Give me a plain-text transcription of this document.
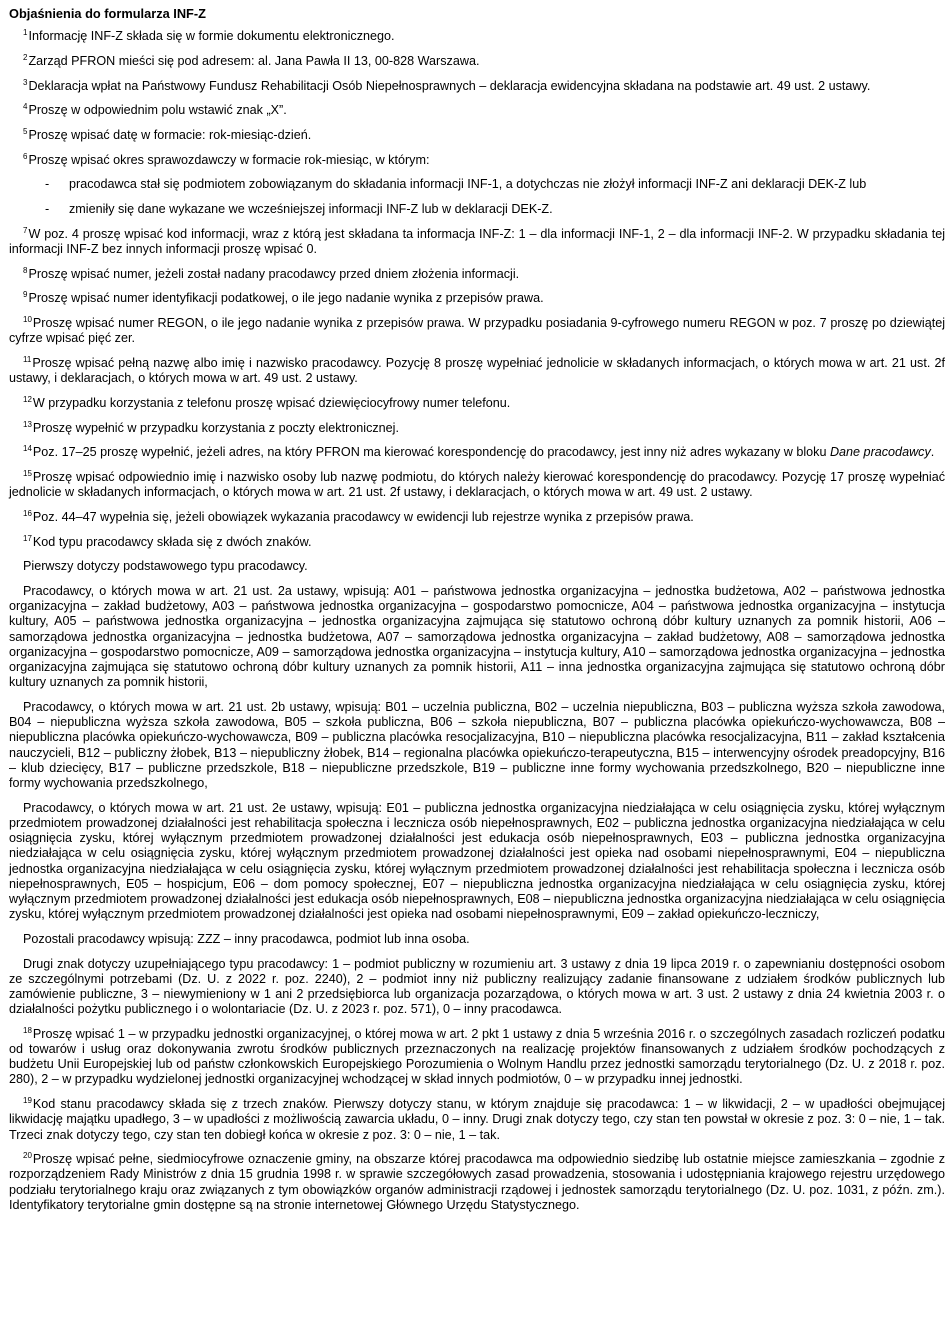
Objaśnienia do formularza INF-Z

$^1$Informację INF-Z składa się w formie dokumentu elektronicznego.

$^2$Zarząd PFRON mieści się pod adresem: al. Jana Pawła II 13, 00-828 Warszawa.

$^3$Deklaracja wpłat na Państwowy Fundusz Rehabilitacji Osób Niepełnosprawnych – deklaracja ewidencyjna składana na podstawie art. 49 ust. 2 ustawy.

$^4$Proszę w odpowiednim polu wstawić znak „X”.

$^5$Proszę wpisać datę w formacie: rok-miesiąc-dzień.

$^6$Proszę wpisać okres sprawozdawczy w formacie rok-miesiąc, w którym:

-	pracodawca stał się podmiotem zobowiązanym do składania informacji INF-1, a dotychczas nie złożył informacji INF-Z ani deklaracji DEK-Z lub
-	zmieniły się dane wykazane we wcześniejszej informacji INF-Z lub w deklaracji DEK-Z.

$^7$W poz. 4 proszę wpisać kod informacji, wraz z którą jest składana ta informacja INF-Z: 1 – dla informacji INF-1, 2 – dla informacji INF-2. W przypadku składania tej informacji INF-Z bez innych informacji proszę wpisać 0.

$^8$Proszę wpisać numer, jeżeli został nadany pracodawcy przed dniem złożenia informacji.

$^9$Proszę wpisać numer identyfikacji podatkowej, o ile jego nadanie wynika z przepisów prawa.

$^{10}$Proszę wpisać numer REGON, o ile jego nadanie wynika z przepisów prawa. W przypadku posiadania 9-cyfrowego numeru REGON w poz. 7 proszę po dziewiątej cyfrze wpisać pięć zer.

$^{11}$Proszę wpisać pełną nazwę albo imię i nazwisko pracodawcy. Pozycję 8 proszę wypełniać jednolicie w składanych informacjach, o których mowa w art. 21 ust. 2f ustawy, i deklaracjach, o których mowa w art. 49 ust. 2 ustawy.

$^{12}$W przypadku korzystania z telefonu proszę wpisać dziewięciocyfrowy numer telefonu.

$^{13}$Proszę wypełnić w przypadku korzystania z poczty elektronicznej.

$^{14}$Poz. 17–25 proszę wypełnić, jeżeli adres, na który PFRON ma kierować korespondencję do pracodawcy, jest inny niż adres wykazany w bloku Dane pracodawcy.

$^{15}$Proszę wpisać odpowiednio imię i nazwisko osoby lub nazwę podmiotu, do których należy kierować korespondencję do pracodawcy. Pozycję 17 proszę wypełniać jednolicie w składanych informacjach, o których mowa w art. 21 ust. 2f ustawy, i deklaracjach, o których mowa w art. 49 ust. 2 ustawy.

$^{16}$Poz. 44–47 wypełnia się, jeżeli obowiązek wykazania pracodawcy w ewidencji lub rejestrze wynika z przepisów prawa.

$^{17}$Kod typu pracodawcy składa się z dwóch znaków.

Pierwszy dotyczy podstawowego typu pracodawcy.

Pracodawcy, o których mowa w art. 21 ust. 2a ustawy, wpisują: A01 – państwowa jednostka organizacyjna – jednostka budżetowa, A02 – państwowa jednostka organizacyjna – zakład budżetowy, A03 – państwowa jednostka organizacyjna – gospodarstwo pomocnicze, A04 – państwowa jednostka organizacyjna – instytucja kultury, A05 – państwowa jednostka organizacyjna – jednostka organizacyjna zajmująca się statutowo ochroną dóbr kultury uznanych za pomnik historii, A06 – samorządowa jednostka organizacyjna – jednostka budżetowa, A07 – samorządowa jednostka organizacyjna – zakład budżetowy, A08 – samorządowa jednostka organizacyjna – gospodarstwo pomocnicze, A09 – samorządowa jednostka organizacyjna – instytucja kultury, A10 – samorządowa jednostka organizacyjna – jednostka organizacyjna zajmująca się statutowo ochroną dóbr kultury uznanych za pomnik historii, A11 – inna jednostka organizacyjna zajmująca się statutowo ochroną dóbr kultury uznanych za pomnik historii,

Pracodawcy, o których mowa w art. 21 ust. 2b ustawy, wpisują: B01 – uczelnia publiczna, B02 – uczelnia niepubliczna, B03 – publiczna wyższa szkoła zawodowa, B04 – niepubliczna wyższa szkoła zawodowa, B05 – szkoła publiczna, B06 – szkoła niepubliczna, B07 – publiczna placówka opiekuńczo-wychowawcza, B08 – niepubliczna placówka opiekuńczo-wychowawcza, B09 – publiczna placówka resocjalizacyjna, B10 – niepubliczna placówka resocjalizacyjna, B11 – zakład kształcenia nauczycieli, B12 – publiczny żłobek, B13 – niepubliczny żłobek, B14 – regionalna placówka opiekuńczo-terapeutyczna, B15 – interwencyjny ośrodek preadopcyjny, B16 – klub dziecięcy, B17 – publiczne przedszkole, B18 – niepubliczne przedszkole, B19 – publiczne inne formy wychowania przedszkolnego, B20 – niepubliczne inne formy wychowania przedszkolnego,

Pracodawcy, o których mowa w art. 21 ust. 2e ustawy, wpisują: E01 – publiczna jednostka organizacyjna niedziałająca w celu osiągnięcia zysku, której wyłącznym przedmiotem prowadzonej działalności jest rehabilitacja społeczna i lecznicza osób niepełnosprawnych, E02 – publiczna jednostka organizacyjna niedziałająca w celu osiągnięcia zysku, której wyłącznym przedmiotem prowadzonej działalności jest edukacja osób niepełnosprawnych, E03 – publiczna jednostka organizacyjna niedziałająca w celu osiągnięcia zysku, której wyłącznym przedmiotem prowadzonej działalności jest opieka nad osobami niepełnosprawnymi, E04 – niepubliczna jednostka organizacyjna niedziałająca w celu osiągnięcia zysku, której wyłącznym przedmiotem prowadzonej działalności jest rehabilitacja społeczna i lecznicza osób niepełnosprawnych, E05 – hospicjum, E06 – dom pomocy społecznej, E07 – niepubliczna jednostka organizacyjna niedziałająca w celu osiągnięcia zysku, której wyłącznym przedmiotem prowadzonej działalności jest edukacja osób niepełnosprawnych, E08 – niepubliczna jednostka organizacyjna niedziałająca w celu osiągnięcia zysku, której wyłącznym przedmiotem prowadzonej działalności jest opieka nad osobami niepełnosprawnymi, E09 – zakład opiekuńczo-leczniczy,

Pozostali pracodawcy wpisują: ZZZ – inny pracodawca, podmiot lub inna osoba.

Drugi znak dotyczy uzupełniającego typu pracodawcy: 1 – podmiot publiczny w rozumieniu art. 3 ustawy z dnia 19 lipca 2019 r. o zapewnianiu dostępności osobom ze szczególnymi potrzebami (Dz. U. z 2022 r. poz. 2240), 2 – podmiot inny niż publiczny realizujący zadanie finansowane z udziałem środków publicznych lub zamówienie publiczne, 3 – niewymieniony w 1 ani 2 przedsiębiorca lub organizacja pozarządowa, o których mowa w art. 3 ust. 2 ustawy z dnia 24 kwietnia 2003 r. o działalności pożytku publicznego i o wolontariacie (Dz. U. z 2023 r. poz. 571), 0 – inny pracodawca.

$^{18}$Proszę wpisać 1 – w przypadku jednostki organizacyjnej, o której mowa w art. 2 pkt 1 ustawy z dnia 5 września 2016 r. o szczególnych zasadach rozliczeń podatku od towarów i usług oraz dokonywania zwrotu środków publicznych przeznaczonych na realizację projektów finansowanych z udziałem środków pochodzących z budżetu Unii Europejskiej lub od państw członkowskich Europejskiego Porozumienia o Wolnym Handlu przez jednostki samorządu terytorialnego (Dz. U. z 2018 r. poz. 280), 2 – w przypadku wydzielonej jednostki organizacyjnej wchodzącej w skład innych podmiotów, 0 – w przypadku innej jednostki.

$^{19}$Kod stanu pracodawcy składa się z trzech znaków. Pierwszy dotyczy stanu, w którym znajduje się pracodawca: 1 – w likwidacji, 2 – w upadłości obejmującej likwidację majątku upadłego, 3 – w upadłości z możliwością zawarcia układu, 0 – inny. Drugi znak dotyczy tego, czy stan ten powstał w okresie z poz. 3: 0 – nie, 1 – tak. Trzeci znak dotyczy tego, czy stan ten dobiegł końca w okresie z poz. 3: 0 – nie, 1 – tak.

$^{20}$Proszę wpisać pełne, siedmiocyfrowe oznaczenie gminy, na obszarze której pracodawca ma odpowiednio siedzibę lub ostatnie miejsce zamieszkania – zgodnie z rozporządzeniem Rady Ministrów z dnia 15 grudnia 1998 r. w sprawie szczegółowych zasad prowadzenia, stosowania i udostępniania krajowego rejestru urzędowego podziału terytorialnego kraju oraz związanych z tym obowiązków organów administracji rządowej i jednostek samorządu terytorialnego (Dz. U. poz. 1031, z późn. zm.). Identyfikatory terytorialne gmin dostępne są na stronie internetowej Głównego Urzędu Statystycznego.
